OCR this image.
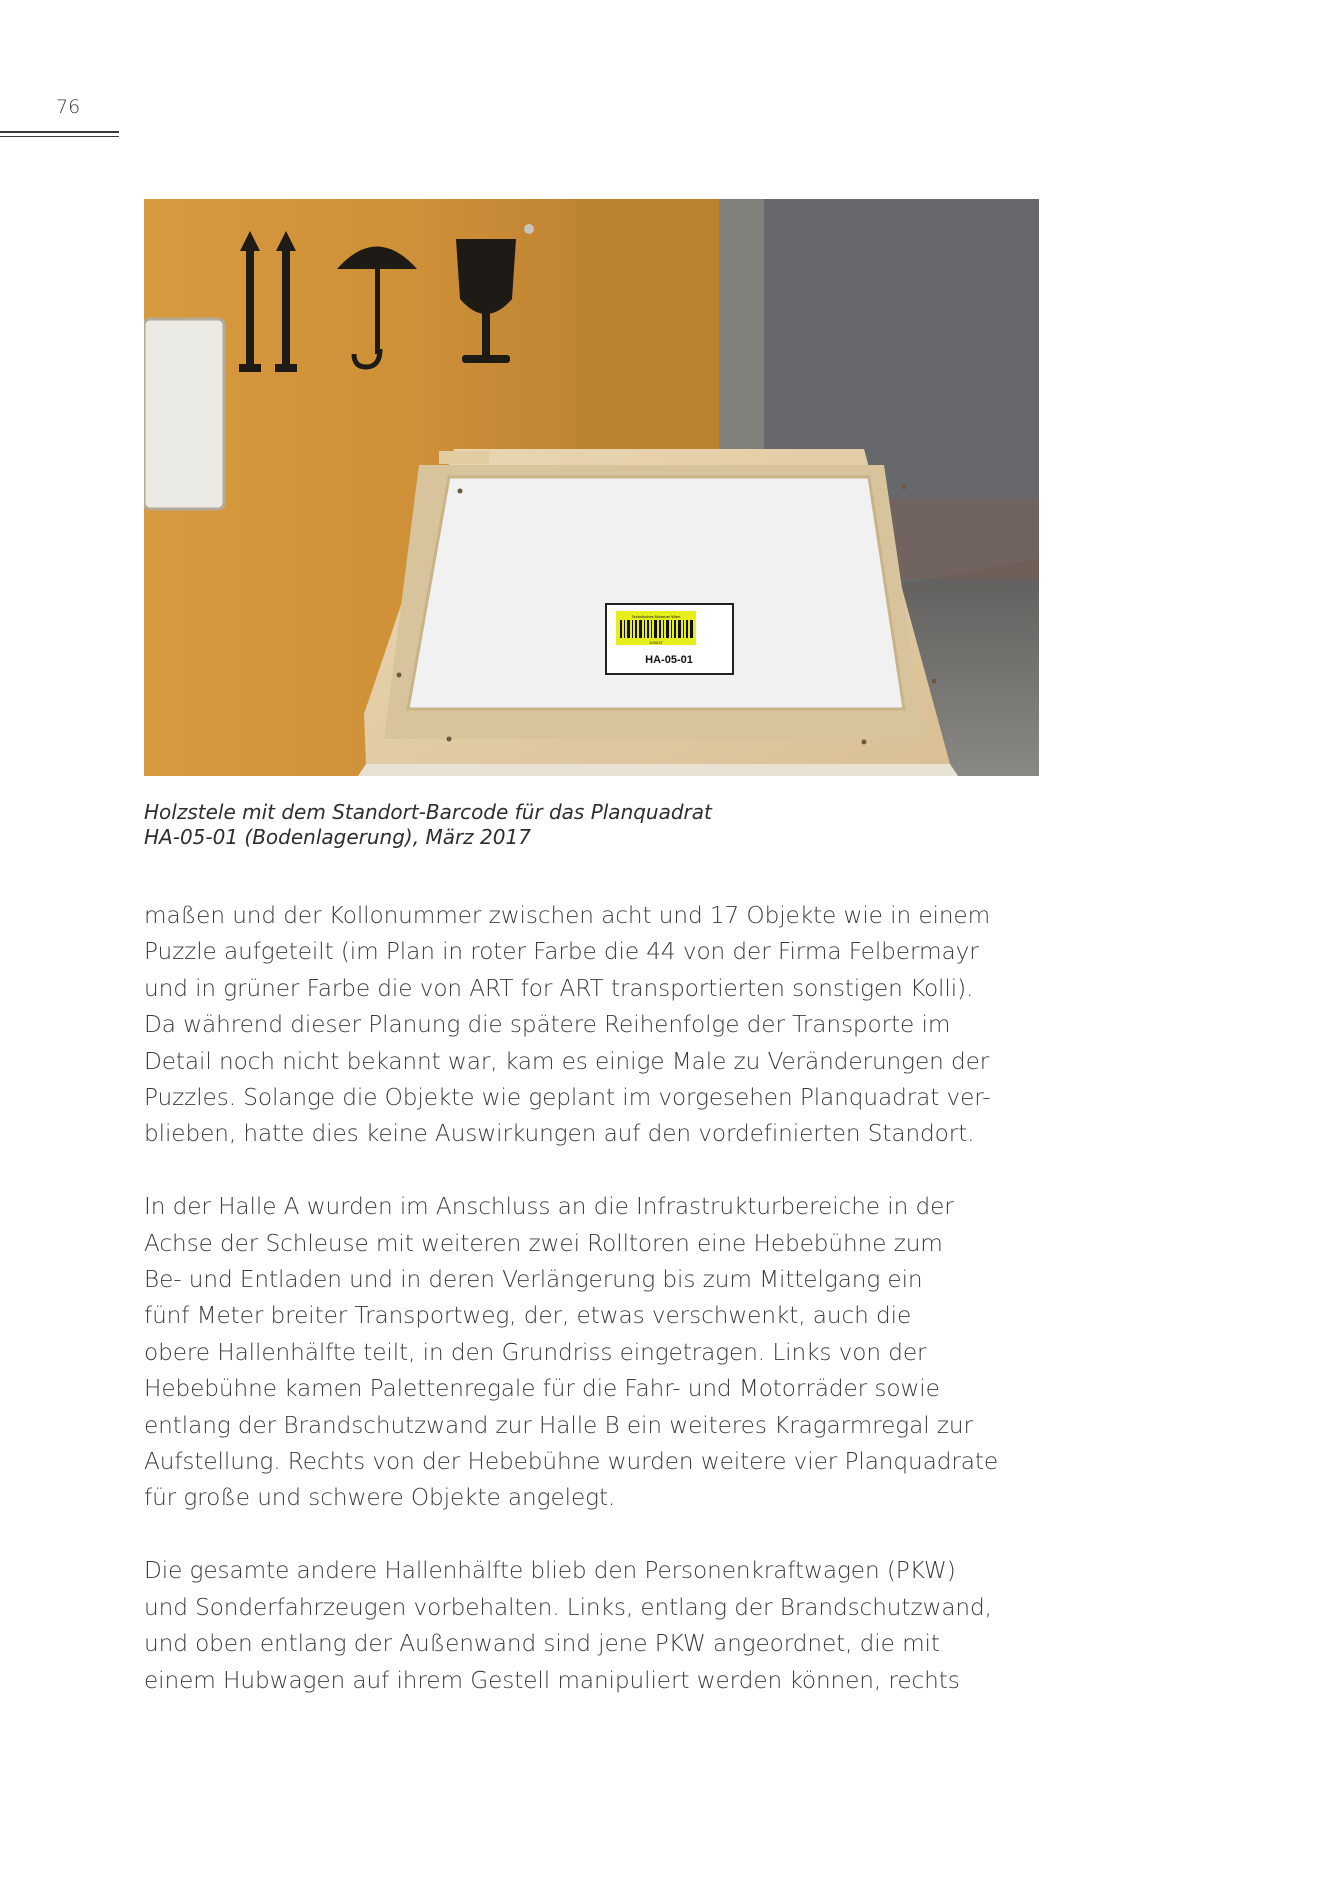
76
Technisches Museum Wien
100037
HA-05-01
Holzstele mit dem Standort-Barcode für das Planquadrat
HA-05-01 (Bodenlagerung), März 2017
maßen und der Kollonummer zwischen acht und 17 Objekte wie in einem
Puzzle aufgeteilt (im Plan in roter Farbe die 44 von der Firma Felbermayr
und in grüner Farbe die von ART for ART transportierten sonstigen Kolli).
Da während dieser Planung die spätere Reihenfolge der Transporte im
Detail noch nicht bekannt war, kam es einige Male zu Veränderungen der
Puzzles. Solange die Objekte wie geplant im vorgesehen Planquadrat ver-
blieben, hatte dies keine Auswirkungen auf den vordefinierten Standort.
In der Halle A wurden im Anschluss an die Infrastrukturbereiche in der
Achse der Schleuse mit weiteren zwei Rolltoren eine Hebebühne zum
Be- und Entladen und in deren Verlängerung bis zum Mittelgang ein
fünf Meter breiter Transportweg, der, etwas verschwenkt, auch die
obere Hallenhälfte teilt, in den Grundriss eingetragen. Links von der
Hebebühne kamen Palettenregale für die Fahr- und Motorräder sowie
entlang der Brandschutzwand zur Halle B ein weiteres Kragarmregal zur
Aufstellung. Rechts von der Hebebühne wurden weitere vier Planquadrate
für große und schwere Objekte angelegt.
Die gesamte andere Hallenhälfte blieb den Personenkraftwagen (PKW)
und Sonderfahrzeugen vorbehalten. Links, entlang der Brandschutzwand,
und oben entlang der Außenwand sind jene PKW angeordnet, die mit
einem Hubwagen auf ihrem Gestell manipuliert werden können, rechts
